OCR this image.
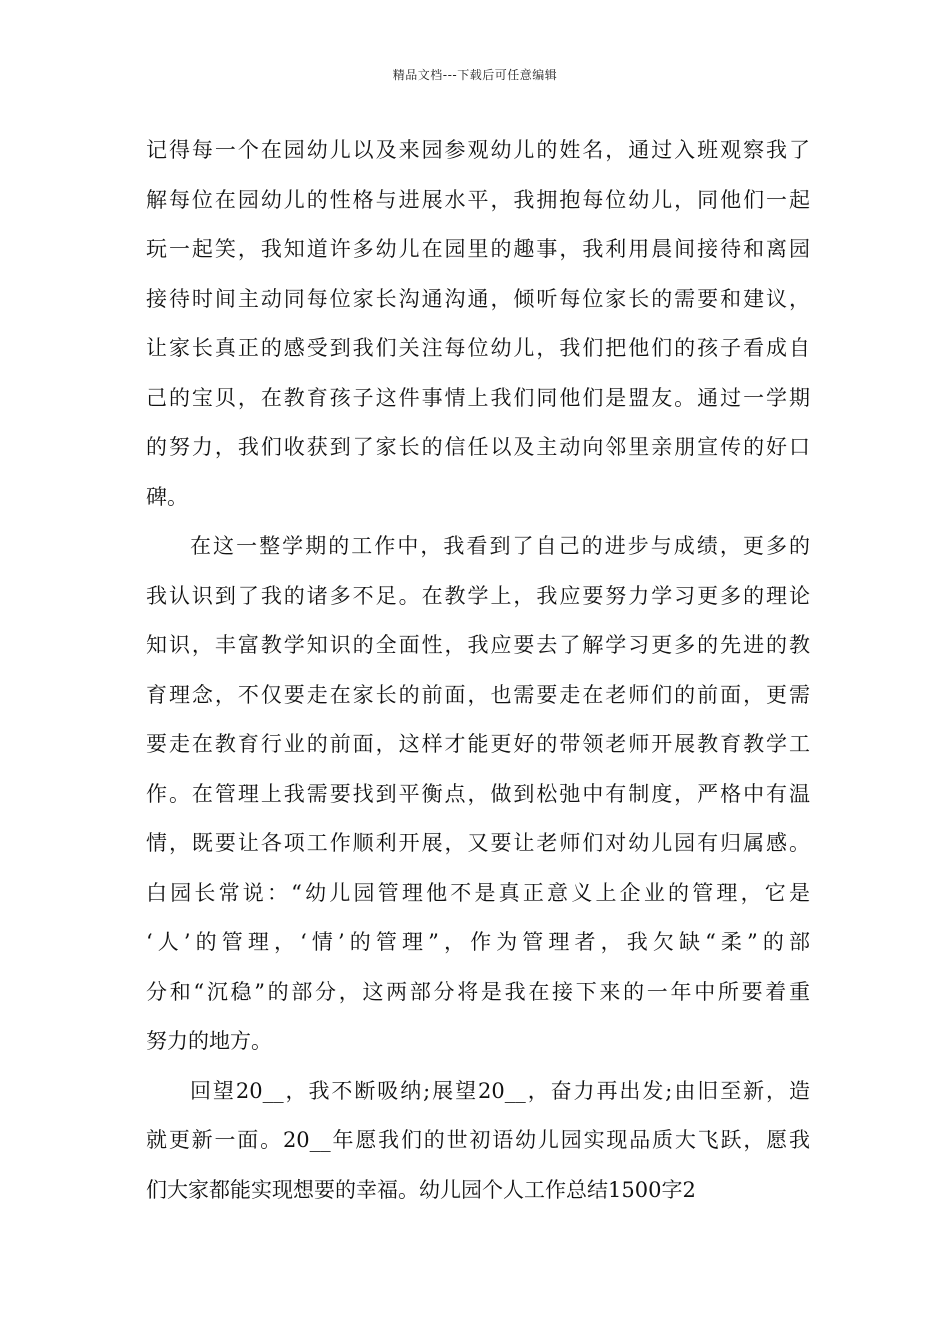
精品文档---下载后可任意编辑
记得每一个在园幼儿以及来园参观幼儿的姓名，通过入班观察我了
解每位在园幼儿的性格与进展水平，我拥抱每位幼儿，同他们一起
玩一起笑，我知道许多幼儿在园里的趣事，我利用晨间接待和离园
接待时间主动同每位家长沟通沟通，倾听每位家长的需要和建议，
让家长真正的感受到我们关注每位幼儿，我们把他们的孩子看成自
己的宝贝，在教育孩子这件事情上我们同他们是盟友。通过一学期
的努力，我们收获到了家长的信任以及主动向邻里亲朋宣传的好口
碑。
在这一整学期的工作中，我看到了自己的进步与成绩，更多的
我认识到了我的诸多不足。在教学上，我应要努力学习更多的理论
知识，丰富教学知识的全面性，我应要去了解学习更多的先进的教
育理念，不仅要走在家长的前面，也需要走在老师们的前面，更需
要走在教育行业的前面，这样才能更好的带领老师开展教育教学工
作。在管理上我需要找到平衡点，做到松弛中有制度，严格中有温
情，既要让各项工作顺利开展，又要让老师们对幼儿园有归属感。
白园长常说：“幼儿园管理他不是真正意义上企业的管理，它是
‘人’的管理，‘情’的管理”，作为管理者，我欠缺“柔”的部
分和“沉稳”的部分，这两部分将是我在接下来的一年中所要着重
努力的地方。
回望20__，我不断吸纳;展望20__，奋力再出发;由旧至新，造
就更新一面。20__年愿我们的世初语幼儿园实现品质大飞跃，愿我
们大家都能实现想要的幸福。幼儿园个人工作总结1500字2
